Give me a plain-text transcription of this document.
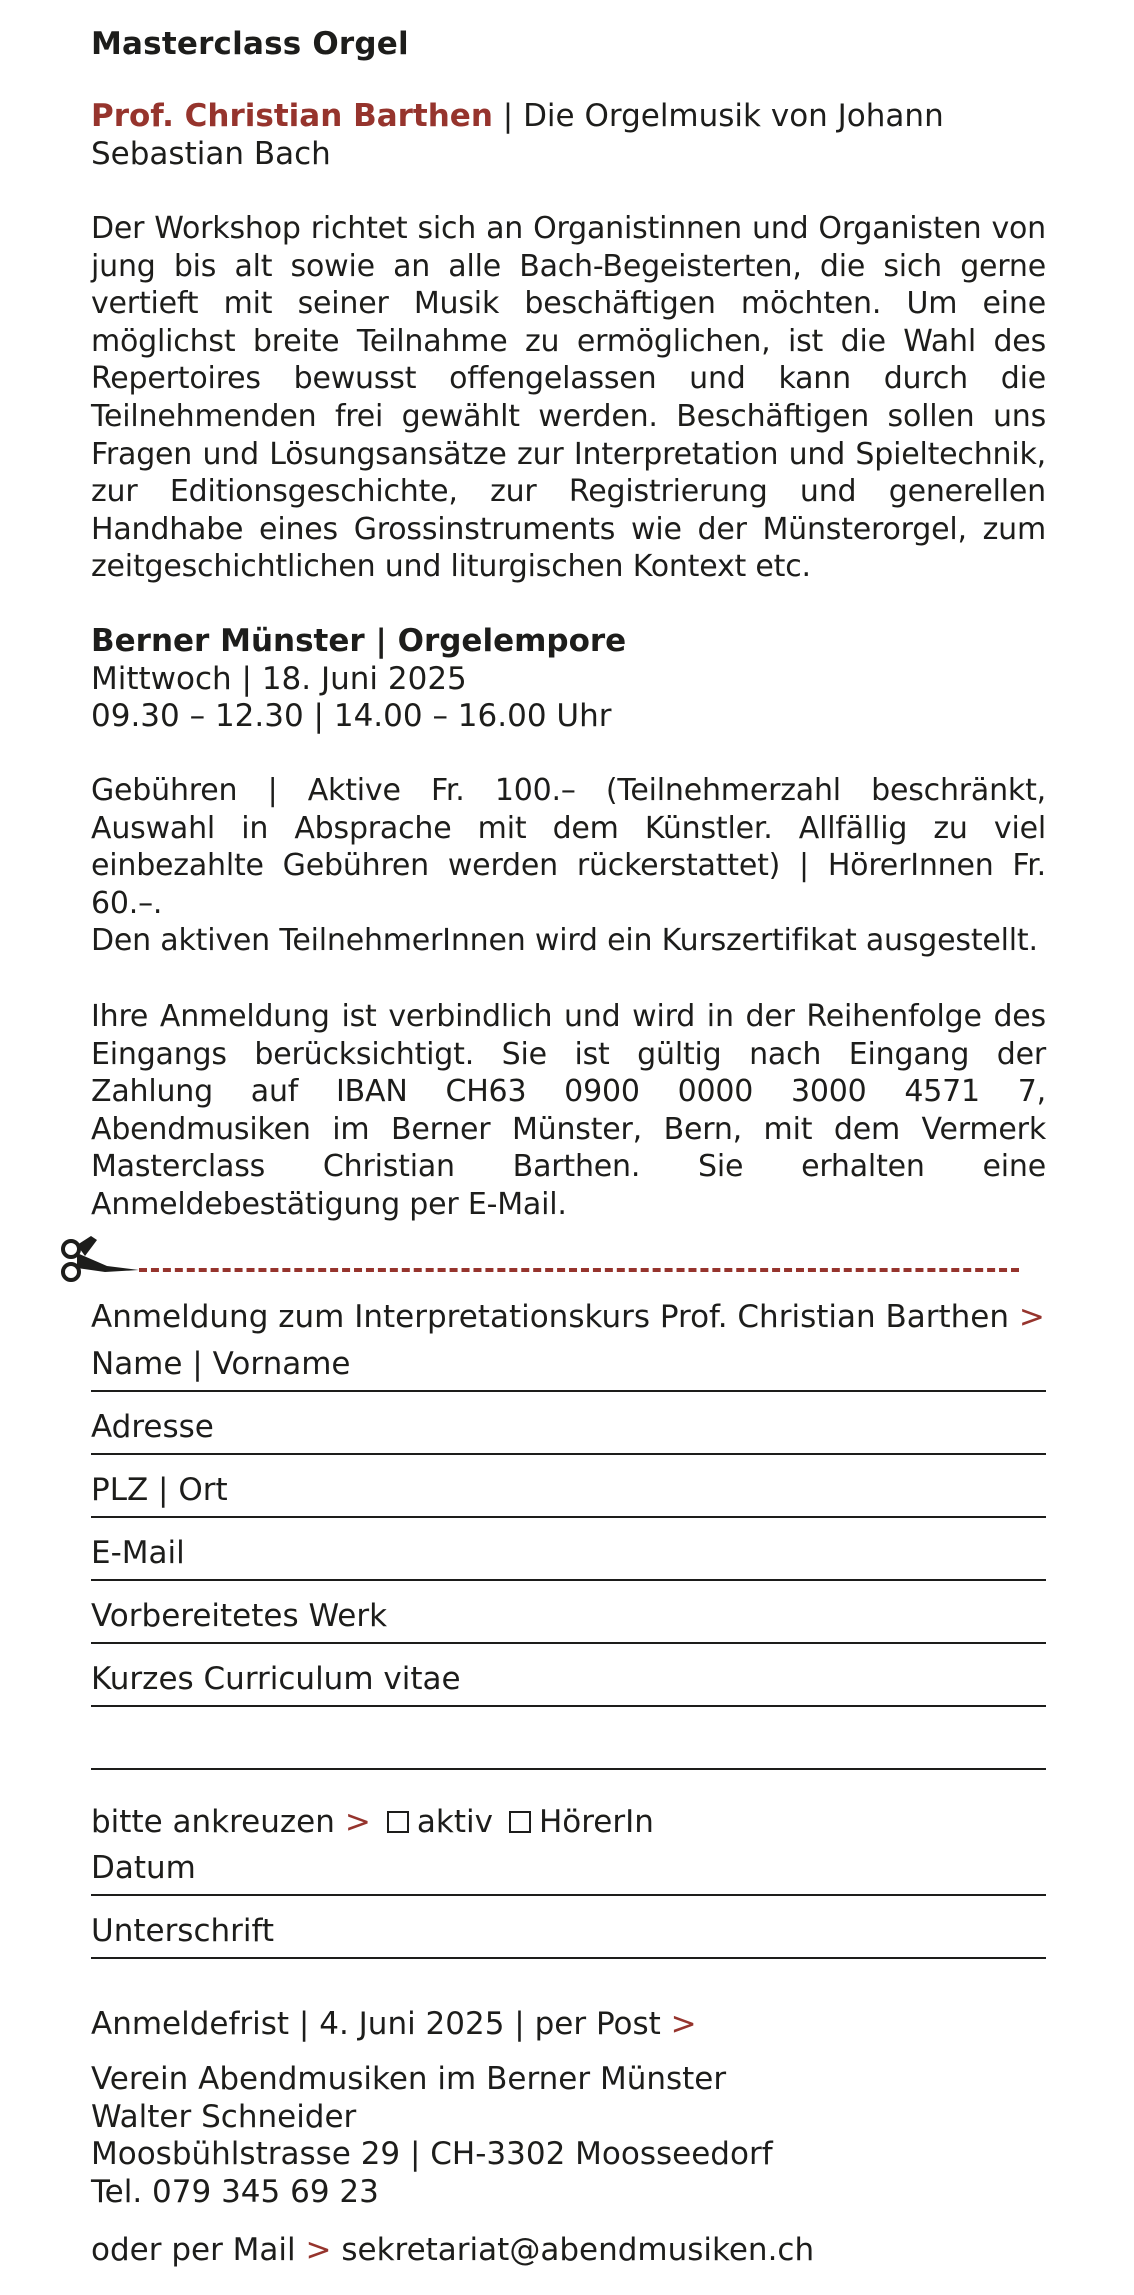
Masterclass Orgel
Prof. Christian Barthen | Die Orgelmusik von Johann Sebastian Bach
Der Workshop richtet sich an Organistinnen und Organisten von jung bis alt sowie an alle Bach-Begeisterten, die sich gerne vertieft mit seiner Musik beschäftigen möchten. Um eine möglichst breite Teilnahme zu ermöglichen, ist die Wahl des Repertoires bewusst offengelassen und kann durch die Teilnehmenden frei gewählt werden. Beschäftigen sollen uns Fragen und Lösungsansätze zur Interpretation und Spieltechnik, zur Editionsgeschichte, zur Registrierung und generellen Handhabe eines Grossinstruments wie der Münsterorgel, zum zeitgeschichtlichen und liturgischen Kontext etc.
Berner Münster | Orgelempore
Mittwoch | 18. Juni 2025
09.30 – 12.30 | 14.00 – 16.00 Uhr
Gebühren | Aktive Fr. 100.– (Teilnehmerzahl beschränkt, Auswahl in Absprache mit dem Künstler. Allfällig zu viel einbezahlte Gebühren werden rückerstattet) | HörerInnen Fr. 60.–.
Den aktiven TeilnehmerInnen wird ein Kurszertifikat ausgestellt.
Ihre Anmeldung ist verbindlich und wird in der Reihenfolge des Eingangs berücksichtigt. Sie ist gültig nach Eingang der Zahlung auf IBAN CH63 0900 0000 3000 4571 7, Abendmusiken im Berner Münster, Bern, mit dem Vermerk Masterclass Christian Barthen. Sie erhalten eine Anmeldebestätigung per E-Mail.
Anmeldung zum Interpretationskurs Prof. Christian Barthen >
Name | Vorname
Adresse
PLZ | Ort
E-Mail
Vorbereitetes Werk
Kurzes Curriculum vitae
bitte ankreuzen > aktiv HörerIn
Datum
Unterschrift
Anmeldefrist | 4. Juni 2025 | per Post >
Verein Abendmusiken im Berner Münster
Walter Schneider
Moosbühlstrasse 29 | CH-3302 Moosseedorf
Tel. 079 345 69 23
oder per Mail > sekretariat@abendmusiken.ch
